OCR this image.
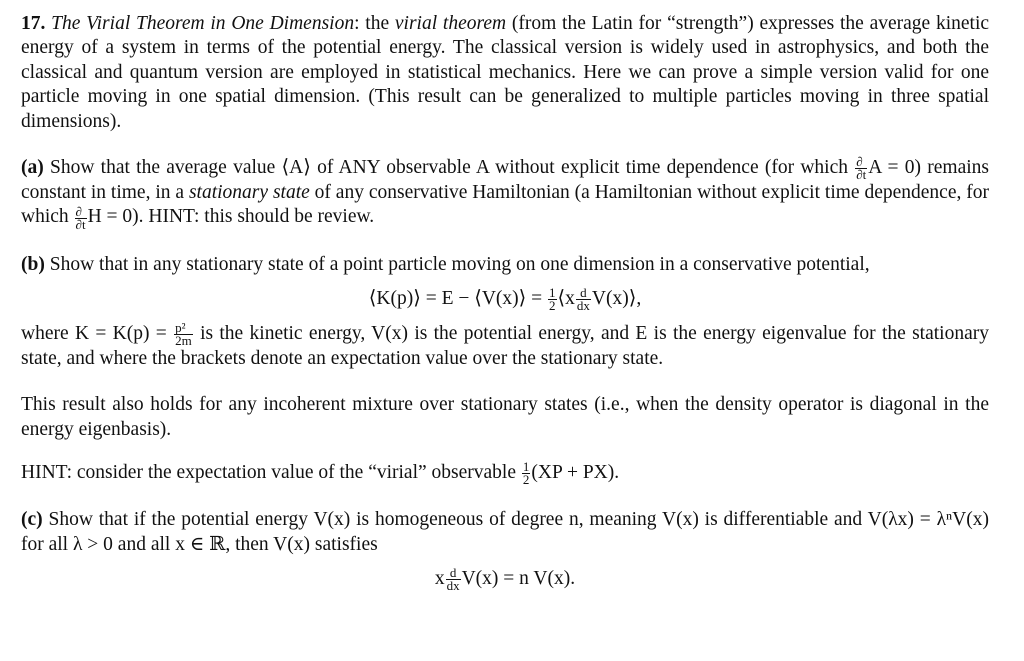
17. The Virial Theorem in One Dimension: the virial theorem (from the Latin for “strength”) expresses the average kinetic energy of a system in terms of the potential energy. The classical version is widely used in astrophysics, and both the classical and quantum version are employed in statistical mechanics. Here we can prove a simple version valid for one particle moving in one spatial dimension. (This result can be generalized to multiple particles moving in three spatial dimensions).

(a) Show that the average value ⟨A⟩ of ANY observable A without explicit time dependence (for which $\frac{\partial}{\partial t}$ A = 0) remains constant in time, in a stationary state of any conservative Hamiltonian (a Hamiltonian without explicit time dependence, for which $\frac{\partial}{\partial t}$ H = 0). HINT: this should be review.

(b) Show that in any stationary state of a point particle moving on one dimension in a conservative potential,

⟨K(p)⟩ = E − ⟨V(x)⟩ = $\frac{1}{2}$ ⟨x $\frac{d}{dx}$ V(x)⟩,

where $K = K(p) = \frac{\text{p²}}{2m}$ is the kinetic energy, V(x) is the potential energy, and E is the energy eigenvalue for the stationary state, and where the brackets denote an expectation value over the stationary state.

This result also holds for any incoherent mixture over stationary states (i.e., when the density operator is diagonal in the energy eigenbasis).

HINT: consider the expectation value of the “virial” observable $\frac{1}{2} (XP + PX)$.

(c) Show that if the potential energy V(x) is homogeneous of degree n, meaning V(x) is differentiable and V(λx) = λⁿV(x) for all λ > 0 and all x ∈ ℝ, then V(x) satisfies

x $\frac{d}{dx} V(x) = n$ V(x).
